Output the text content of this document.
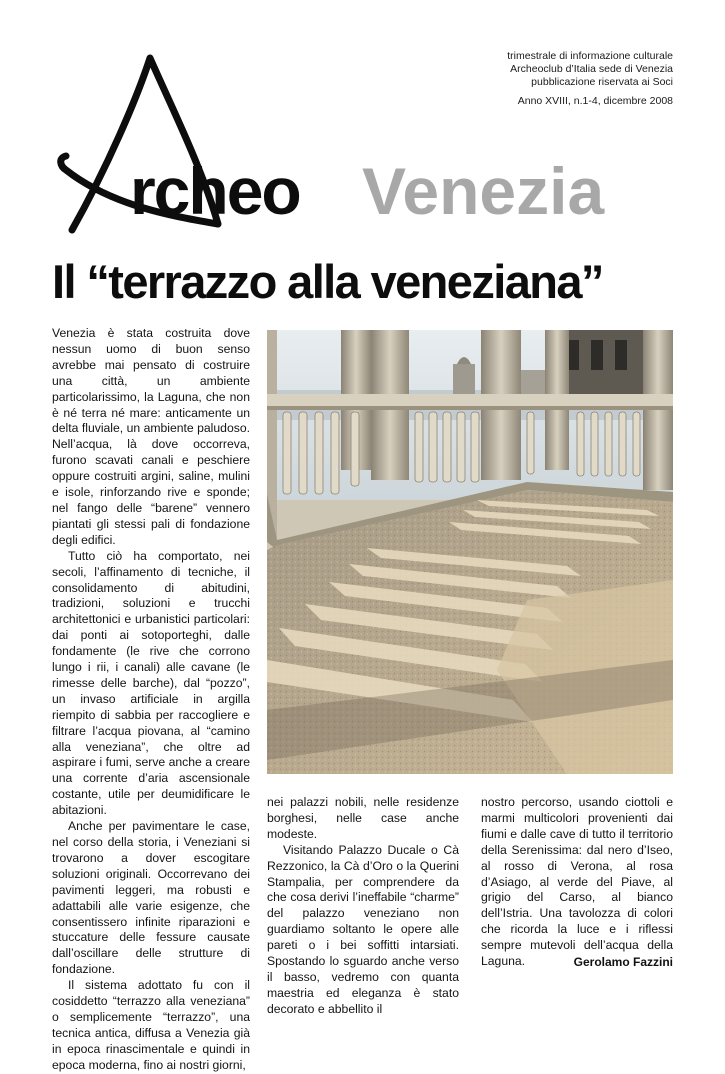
trimestrale di informazione culturale
Archeoclub d’Italia sede di Venezia
pubblicazione riservata ai Soci

Anno XVIII, n.1-4, dicembre 2008
rcheo Venezia
Il “terrazzo alla veneziana”

Venezia è stata costruita dove nessun uomo di buon senso avrebbe mai pensato di costruire una città, un ambiente particolarissimo, la Laguna, che non è né terra né mare: anticamente un delta fluviale, un ambiente paludoso. Nell’acqua, là dove occorreva, furono scavati canali e peschiere oppure costruiti argini, saline, mulini e isole, rinforzando rive e sponde; nel fango delle “barene” vennero piantati gli stessi pali di fondazione degli edifici.

Tutto ciò ha comportato, nei secoli, l’affinamento di tecniche, il consolidamento di abitudini, tradizioni, soluzioni e trucchi architettonici e urbanistici particolari: dai ponti ai sotoporteghi, dalle fondamente (le rive che corrono lungo i rii, i canali) alle cavane (le rimesse delle barche), dal “pozzo”, un invaso artificiale in argilla riempito di sabbia per raccogliere e filtrare l’acqua piovana, al “camino alla veneziana”, che oltre ad aspirare i fumi, serve anche a creare una corrente d’aria ascensionale costante, utile per deumidificare le abitazioni.

Anche per pavimentare le case, nel corso della storia, i Veneziani si trovarono a dover escogitare soluzioni originali. Occorrevano dei pavimenti leggeri, ma robusti e adattabili alle varie esigenze, che consentissero infinite riparazioni e stuccature delle fessure causate dall’oscillare delle strutture di fondazione.

Il sistema adottato fu con il cosiddetto “terrazzo alla veneziana” o semplicemente “terrazzo”, una tecnica antica, diffusa a Venezia già in epoca rinascimentale e quindi in epoca moderna, fino ai nostri giorni,

nei palazzi nobili, nelle residenze borghesi, nelle case anche modeste.

Visitando Palazzo Ducale o Cà Rezzonico, la Cà d’Oro o la Querini Stampalia, per comprendere da che cosa derivi l’ineffabile “charme” del palazzo veneziano non guardiamo soltanto le opere alle pareti o i bei soffitti intarsiati. Spostando lo sguardo anche verso il basso, vedremo con quanta maestria ed eleganza è stato decorato e abbellito il

nostro percorso, usando ciottoli e marmi multicolori provenienti dai fiumi e dalle cave di tutto il territorio della Serenissima: dal nero d’Iseo, al rosso di Verona, al rosa d’Asiago, al verde del Piave, al grigio del Carso, al bianco dell’Istria. Una tavolozza di colori che ricorda la luce e i riflessi sempre mutevoli dell’acqua della Laguna.	Gerolamo Fazzini
